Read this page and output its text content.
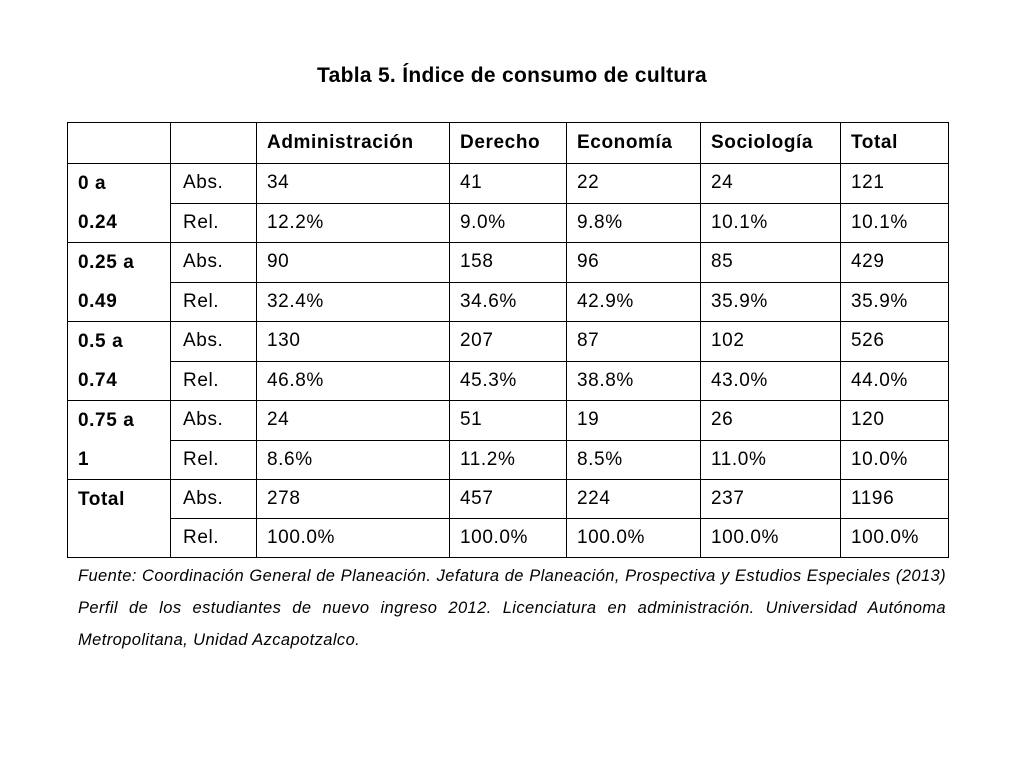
Tabla 5. Índice de consumo de cultura
		Administración	Derecho	Economía	Sociología	Total

0 a
0.24	Abs.	34	41	22	24	121
	Rel.	12.2%	9.0%	9.8%	10.1%	10.1%

0.25 a
0.49	Abs.	90	158	96	85	429
	Rel.	32.4%	34.6%	42.9%	35.9%	35.9%

0.5 a
0.74	Abs.	130	207	87	102	526
	Rel.	46.8%	45.3%	38.8%	43.0%	44.0%

0.75 a
1	Abs.	24	51	19	26	120
	Rel.	8.6%	11.2%	8.5%	11.0%	10.0%

Total	Abs.	278	457	224	237	1196
	Rel.	100.0%	100.0%	100.0%	100.0%	100.0%
Fuente: Coordinación General de Planeación. Jefatura de Planeación, Prospectiva y Estudios Especiales (2013) Perfil de los estudiantes de nuevo ingreso 2012. Licenciatura en administración. Universidad Autónoma Metropolitana, Unidad Azcapotzalco.
